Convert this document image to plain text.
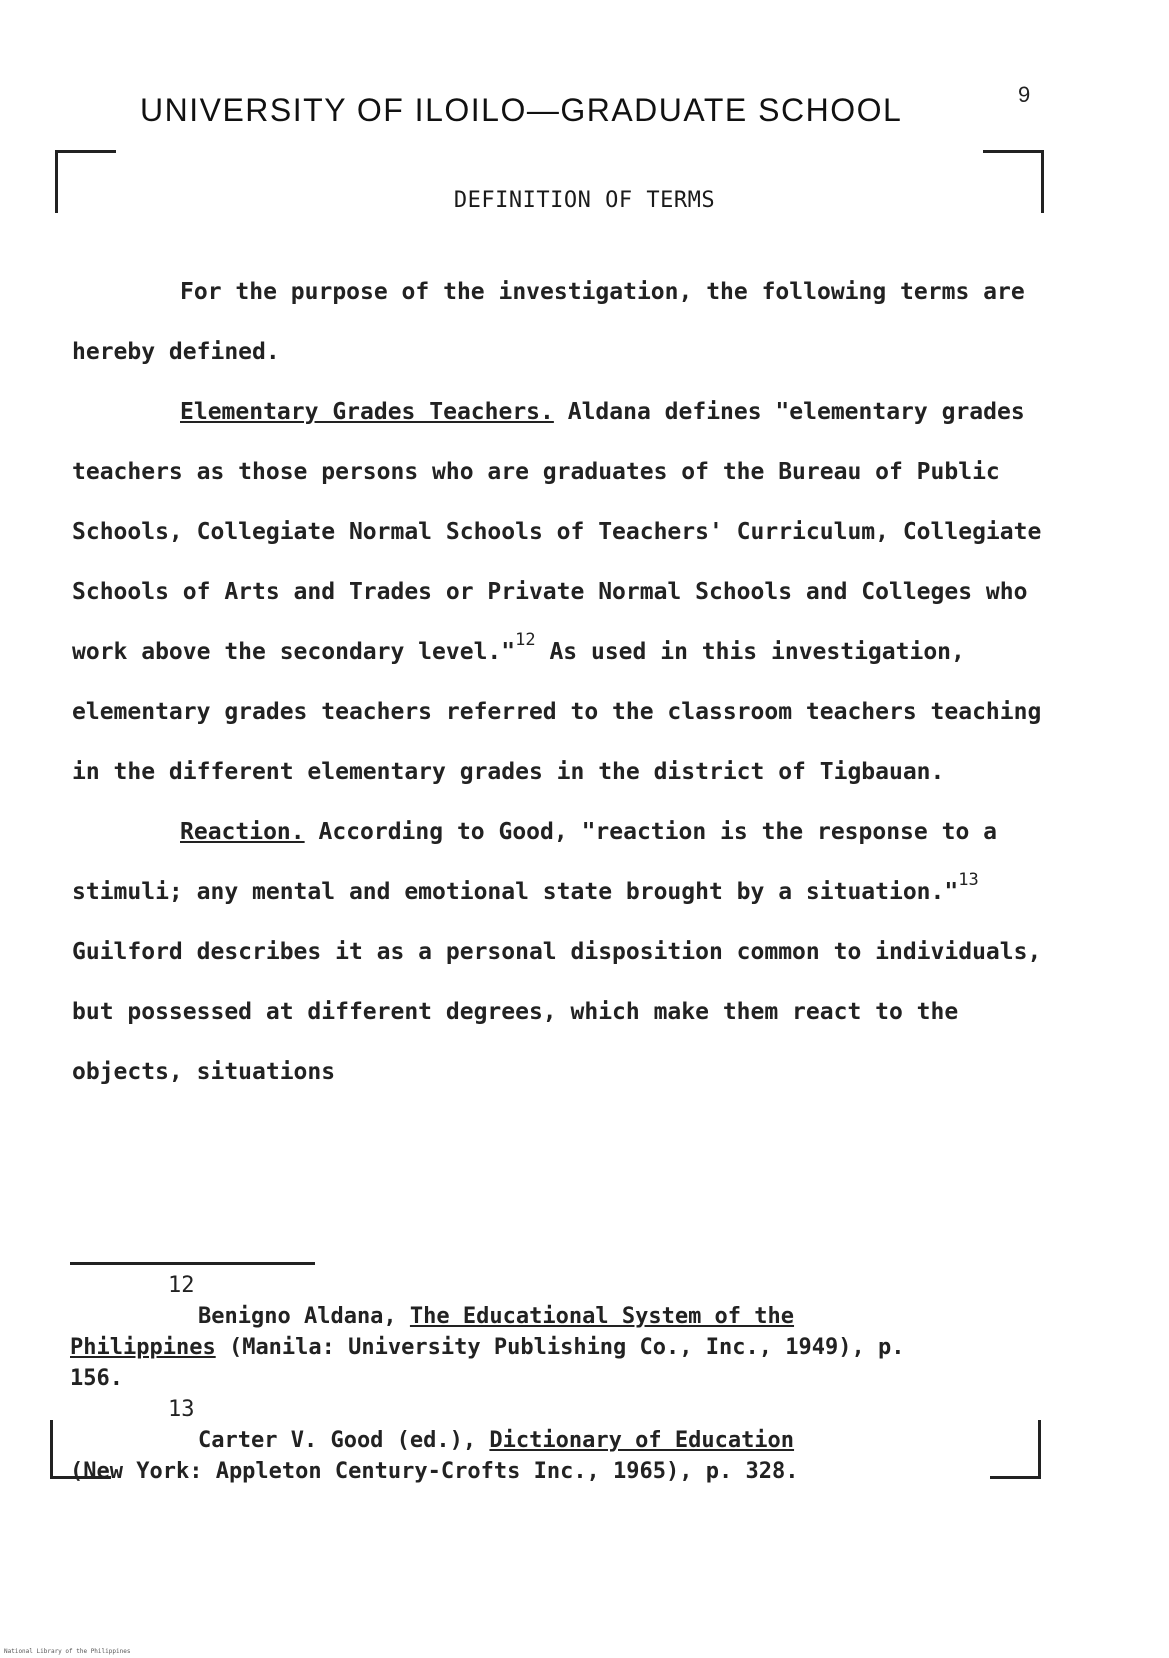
UNIVERSITY OF ILOILO—GRADUATE SCHOOL	9
DEFINITION OF TERMS

For the purpose of the investigation, the following terms are hereby defined.

Elementary Grades Teachers. Aldana defines "elementary grades teachers as those persons who are graduates of the Bureau of Public Schools, Collegiate Normal Schools of Teachers' Curriculum, Collegiate Schools of Arts and Trades or Private Normal Schools and Colleges who work above the secondary level."$^{12}$ As used in this investigation, elementary grades teachers referred to the classroom teachers teaching in the different elementary grades in the district of Tigbauan.

Reaction. According to Good, "reaction is the response to a stimuli; any mental and emotional state brought by a situation."$^{13}$ Guilford describes it as a personal disposition common to individuals, but possessed at different degrees, which make them react to the objects, situations

12
Benigno Aldana, The Educational System of the
Philippines (Manila: University Publishing Co., Inc., 1949), p. 156.
13
Carter V. Good (ed.), Dictionary of Education
(New York: Appleton Century-Crofts Inc., 1965), p. 328.
National Library of the Philippines
